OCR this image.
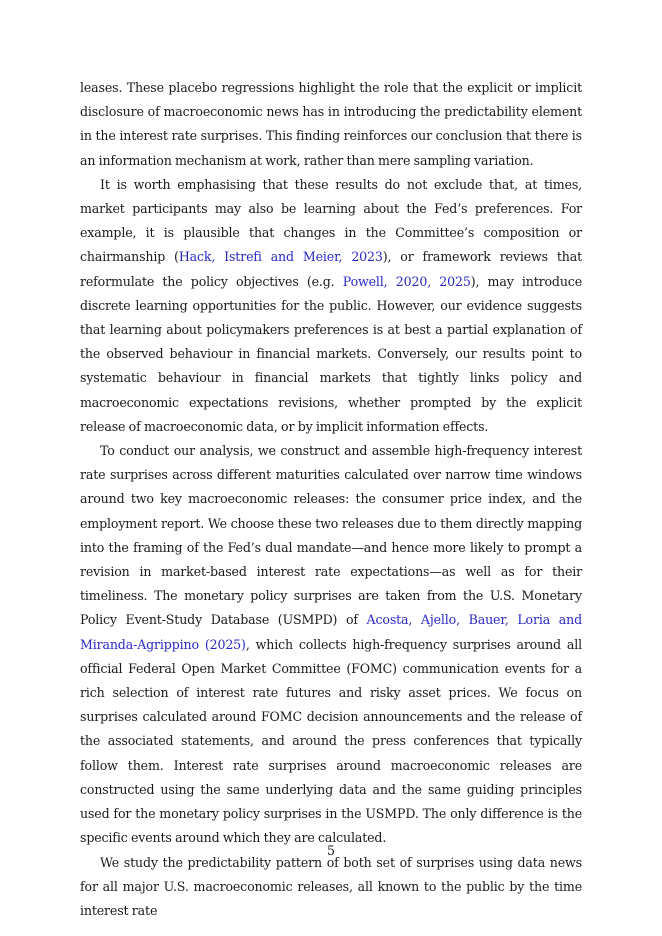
leases. These placebo regressions highlight the role that the explicit or implicit disclosure of macroeconomic news has in introducing the predictability element in the interest rate surprises. This finding reinforces our conclusion that there is an information mechanism at work, rather than mere sampling variation.

It is worth emphasising that these results do not exclude that, at times, market participants may also be learning about the Fed’s preferences. For example, it is plausible that changes in the Committee’s composition or chairmanship (Hack, Istrefi and Meier, 2023), or framework reviews that reformulate the policy objectives (e.g. Powell, 2020, 2025), may introduce discrete learning opportunities for the public. However, our evidence suggests that learning about policymakers preferences is at best a partial explanation of the observed behaviour in financial markets. Conversely, our results point to systematic behaviour in financial markets that tightly links policy and macroeconomic expectations revisions, whether prompted by the explicit release of macroeconomic data, or by implicit information effects.

To conduct our analysis, we construct and assemble high-frequency interest rate surprises across different maturities calculated over narrow time windows around two key macroeconomic releases: the consumer price index, and the employment report. We choose these two releases due to them directly mapping into the framing of the Fed’s dual mandate—and hence more likely to prompt a revision in market-based interest rate expectations—as well as for their timeliness. The monetary policy surprises are taken from the U.S. Monetary Policy Event-Study Database (USMPD) of Acosta, Ajello, Bauer, Loria and Miranda-Agrippino (2025), which collects high-frequency surprises around all official Federal Open Market Committee (FOMC) communication events for a rich selection of interest rate futures and risky asset prices. We focus on surprises calculated around FOMC decision announcements and the release of the associated statements, and around the press conferences that typically follow them. Interest rate surprises around macroeconomic releases are constructed using the same underlying data and the same guiding principles used for the monetary policy surprises in the USMPD. The only difference is the specific events around which they are calculated.

We study the predictability pattern of both set of surprises using data news for all major U.S. macroeconomic releases, all known to the public by the time interest rate

5
